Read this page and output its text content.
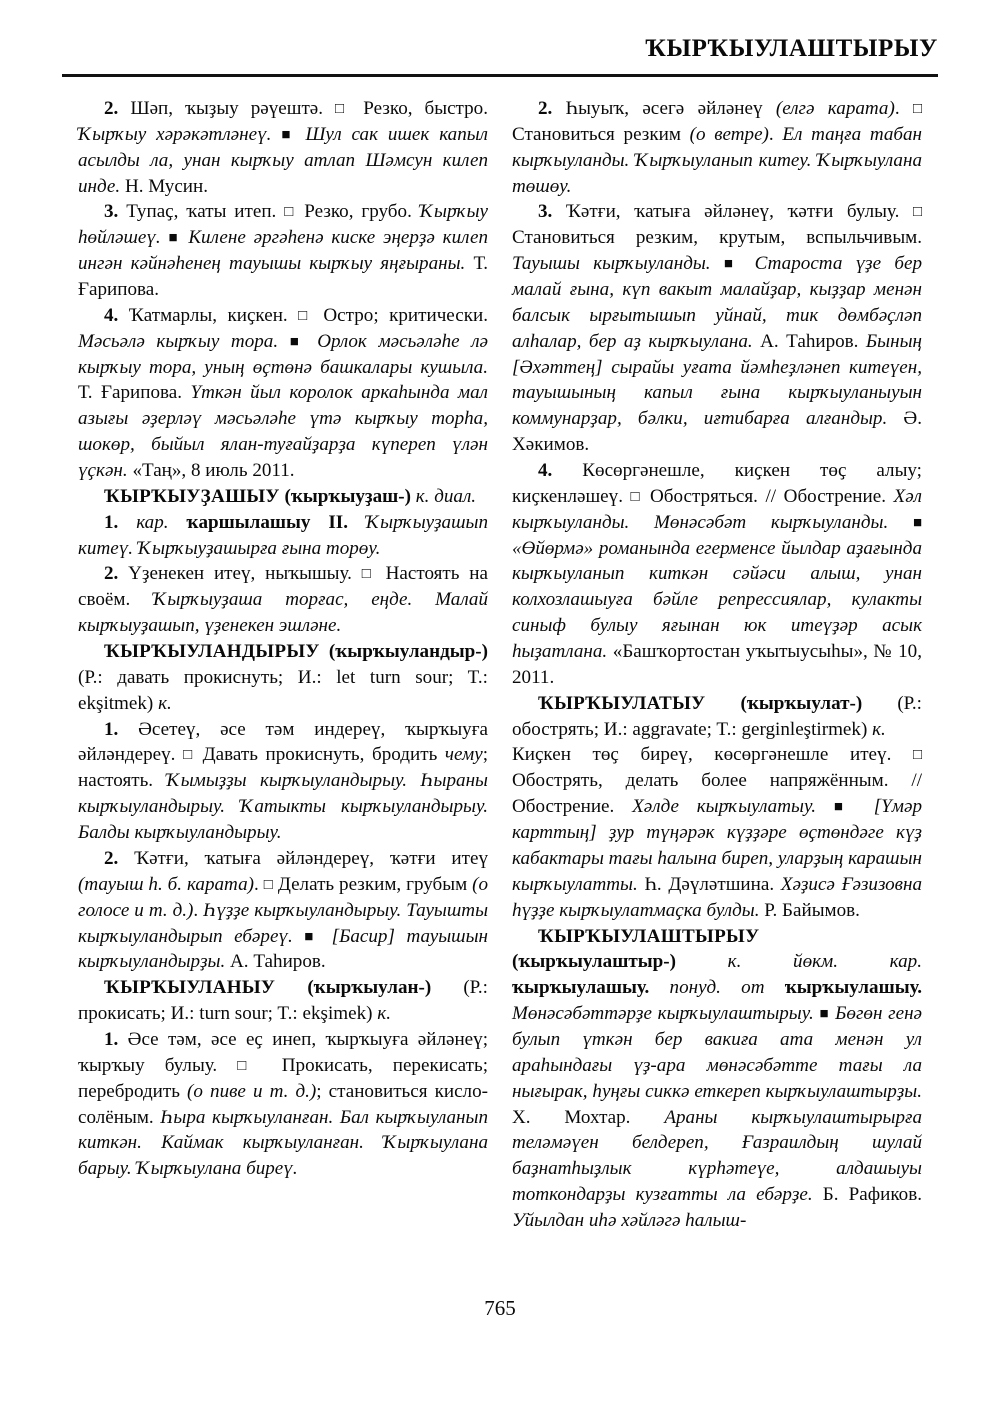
ҠЫРҠЫУЛАШТЫРЫУ

2. Шәп, ҡыҙыу рәүештә. □ Резко, быстро. Ҡырҡыу хәрәкәтләнеү. ■ Шул сак ишек капыл асылды ла, унан кырҡыу атлап Шәмсун килеп инде. Н. Мусин.

3. Тупаҫ, ҡаты итеп. □ Резко, грубо. Ҡырҡыу һөйләшеү. ■ Килене әргәһенә киске эңерҙә килеп ингән кәйнәһенең тауышы кырҡыу яңғыраны. Т. Ғарипова.

4. Ҡатмарлы, киҫкен. □ Остро; критически. Мәсьәлә кырҡыу тора. ■ Орлок мәсьәләһе лә кырҡыу тора, уның өҫтөнә башкалары кушыла. Т. Ғарипова. Үткән йыл королок аркаһында мал азығы әҙерләү мәсьәләһе үтә кырҡыу торһа, шокөр, быйыл ялан-туғайҙарҙа күпереп үлән үҫкән. «Таң», 8 июль 2011.

ҠЫРҠЫУҘАШЫУ (ҡырҡыуҙаш-) к. диал.

1. кар. ҡаршылашыу II. Ҡырҡыуҙашып китеү. Ҡырҡыуҙашырға ғына торөу.

2. Үҙенекен итеү, ныҡышыу. □ Настоять на своём. Ҡырҡыуҙаша торғас, еңде. Малай кырҡыуҙашып, үҙенекен эшләне.

ҠЫРҠЫУЛАНДЫРЫУ (ҡырҡыуландыр-) (Р.: давать прокиснуть; И.: let turn sour; T.: ekşitmek) к.

1. Әсетеү, әсе тәм индереү, ҡырҡыуға әйләндереү. □ Давать прокиснуть, бродить чему; настоять. Ҡымыҙҙы кырҡыуландырыу. Һыраны кырҡыуландырыу. Ҡатыкты кырҡыуландырыу. Балды кырҡыуландырыу.

2. Ҡәтғи, ҡатыға әйләндереү, ҡәтғи итеү (тауыш h. б. карата). □ Делать резким, грубым (о голосе и т. д.). Һүҙҙе кырҡыуландырыу. Тауышты кырҡыуландырып ебәреү. ■ [Басир] тауышын кырҡыуландырҙы. А. Таһиров.

ҠЫРҠЫУЛАНЫУ (ҡырҡыулан-) (Р.: прокисать; И.: turn sour; T.: ekşimek) к.

1. Әсе тәм, әсе еҫ инеп, ҡырҡыуға әйләнеү; ҡырҡыу булыу. □ Прокисать, перекисать; перебродить (о пиве и т. д.); становиться кисло-солёным. Һыра кырҡыуланған. Бал кырҡыуланып киткән. Каймак кырҡыуланған. Ҡырҡыулана барыу. Ҡырҡыулана биреү.

2. Һыуыҡ, әсегә әйләнеү (елгә карата). □ Становиться резким (о ветре). Ел таңға табан кырҡыуланды. Ҡырҡыуланып китеу. Ҡырҡыулана төшөу.

3. Ҡәтғи, ҡатыға әйләнеү, ҡәтғи булыу. □ Становиться резким, крутым, вспыльчивым. Тауышы кырҡыуланды. ■ Староста үҙе бер малай ғына, күп вакыт малайҙар, кыҙҙар менән балсык ырғытышып уйнай, тик дөмбәҫләп алһалар, бер аҙ кырҡыулана. А. Таһиров. Быныӊ [Әхәттеӊ] сырайы уғата йәмһеҙләнеп китеүен, тауышыныӊ капыл ғына кырҡыуланыуын коммунарҙар, бәлки, иғтибарға алғандыр. Ә. Хәкимов.

4. Көсөргәнешле, киҫкен төҫ алыу; киҫкенләшеү. □ Обостряться. // Обострение. Хәл кырҡыуланды. Мөнәсәбәт кырҡыуланды. ■ «Өйөрмә» романында егерменсе йылдар аҙағында кырҡыуланып киткән сәйәси алыш, унан колхозлашыуға бәйле репрессиялар, кулакты синыф булыу яғынан юк итеүҙәр асык һыҙатлана. «Башҡортостан уҡытыусыһы», № 10, 2011.

ҠЫРҠЫУЛАТЫУ (ҡырҡыулат-) (Р.: обострять; И.: aggravate; T.: gerginleştirmek) к.

Киҫкен төҫ биреү, көсөргәнешле итеү. □ Обострять, делать более напряжённым. // Обострение. Хәлде кырҡыулатыу. ■	[Үмәр карттыӊ] ҙур түңәрәк күҙҙәре өҫтөндәге күҙ кабактары тағы һалына биреп, уларҙыӊ карашын кырҡыулатты. Һ. Дәүләтшина. Хәҙисә Ғәзизовна һүҙҙе кырҡыулатмаҫка булды. Р. Байымов.

ҠЫРҠЫУЛАШТЫРЫУ (ҡырҡыулаштыр-)	к. йөкм. кар. ҡырҡыулашыу. понуд. от ҡырҡыулашыу. Мөнәсәбәттәрҙе кырҡыулаштырыу. ■ Бөгөн генә булып үткән бер вакиға ата менән ул араһындағы үҙ-ара мөнәсәбәтте тағы ла нығырак, һуңғы сиккә еткереп кырҡыулаштырҙы. Х. Мохтар. Араны кырҡыулаштырырға теләмәүен белдереп, Ғазраилдыӊ шулай баҙнатһыҙлык күрһәтеүе, алдашыуы тоткондарҙы кузғатты ла ебәрҙе. Б. Рафиков. Уйылдан иһә хәйләгә һалыш-

765
